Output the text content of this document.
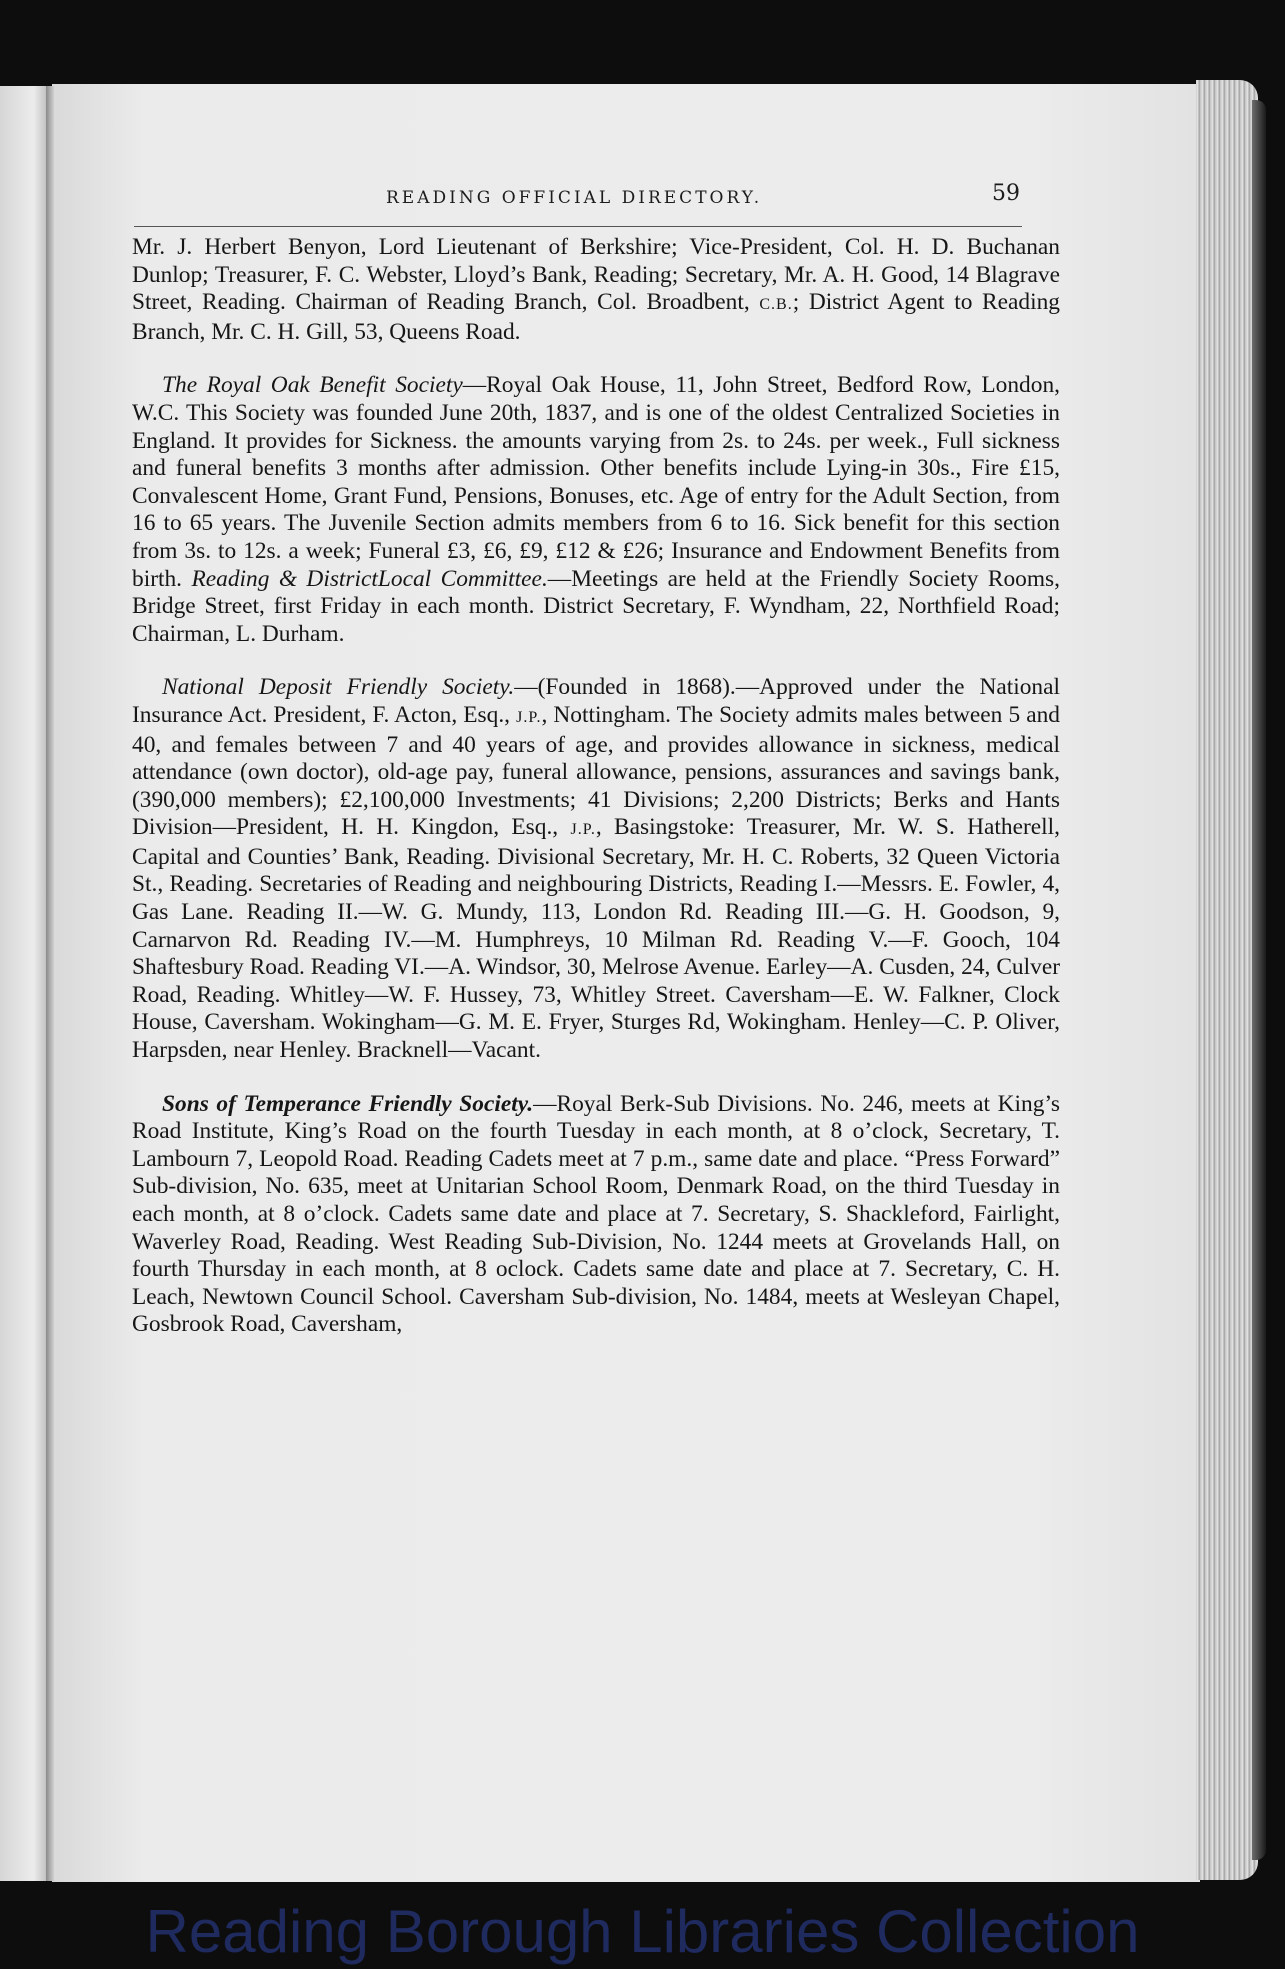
READING OFFICIAL DIRECTORY.	59

Mr. J. Herbert Benyon, Lord Lieutenant of Berkshire; Vice-President, Col. H. D. Buchanan Dunlop; Treasurer, F. C. Webster, Lloyd’s Bank, Reading; Secretary, Mr. A. H. Good, 14 Blagrave Street, Reading. Chairman of Reading Branch, Col. Broadbent, C.B.; District Agent to Reading Branch, Mr. C. H. Gill, 53, Queens Road.

The Royal Oak Benefit Society—Royal Oak House, 11, John Street, Bedford Row, London, W.C. This Society was founded June 20th, 1837, and is one of the oldest Centralized Societies in England. It provides for Sickness. the amounts varying from 2s. to 24s. per week., Full sickness and funeral benefits 3 months after admission. Other benefits include Lying-in 30s., Fire £15, Convalescent Home, Grant Fund, Pensions, Bonuses, etc. Age of entry for the Adult Section, from 16 to 65 years. The Juvenile Section admits members from 6 to 16. Sick benefit for this section from 3s. to 12s. a week; Funeral £3, £6, £9, £12 & £26; Insurance and Endowment Benefits from birth. Reading & DistrictLocal Committee.—Meetings are held at the Friendly Society Rooms, Bridge Street, first Friday in each month. District Secretary, F. Wyndham, 22, Northfield Road; Chairman, L. Durham.

National Deposit Friendly Society.—(Founded in 1868).—Approved under the National Insurance Act. President, F. Acton, Esq., J.P., Nottingham. The Society admits males between 5 and 40, and females between 7 and 40 years of age, and provides allowance in sickness, medical attendance (own doctor), old-age pay, funeral allowance, pensions, assurances and savings bank, (390,000 members); £2,100,000 Investments; 41 Divisions; 2,200 Districts; Berks and Hants Division—President, H. H. Kingdon, Esq., J.P., Basingstoke: Treasurer, Mr. W. S. Hatherell, Capital and Counties’ Bank, Reading. Divisional Secretary, Mr. H. C. Roberts, 32 Queen Victoria St., Reading. Secretaries of Reading and neighbouring Districts, Reading I.—Messrs. E. Fowler, 4, Gas Lane. Reading II.—W. G. Mundy, 113, London Rd. Reading III.—G. H. Goodson, 9, Carnarvon Rd. Reading IV.—M. Humphreys, 10 Milman Rd. Reading V.—F. Gooch, 104 Shaftesbury Road. Reading VI.—A. Windsor, 30, Melrose Avenue. Earley—A. Cusden, 24, Culver Road, Reading. Whitley—W. F. Hussey, 73, Whitley Street. Caversham—E. W. Falkner, Clock House, Caversham. Wokingham—G. M. E. Fryer, Sturges Rd, Wokingham. Henley—C. P. Oliver, Harpsden, near Henley. Bracknell—Vacant.

Sons of Temperance Friendly Society.—Royal Berk-Sub Divisions. No. 246, meets at King’s Road Institute, King’s Road on the fourth Tuesday in each month, at 8 o’clock, Secretary, T. Lambourn 7, Leopold Road. Reading Cadets meet at 7 p.m., same date and place. “Press Forward” Sub-division, No. 635, meet at Unitarian School Room, Denmark Road, on the third Tuesday in each month, at 8 o’clock. Cadets same date and place at 7. Secretary, S. Shackleford, Fairlight, Waverley Road, Reading. West Reading Sub-Division, No. 1244 meets at Grovelands Hall, on fourth Thursday in each month, at 8 oclock. Cadets same date and place at 7. Secretary, C. H. Leach, Newtown Council School. Caversham Sub-division, No. 1484, meets at Wesleyan Chapel, Gosbrook Road, Caversham,

Reading Borough Libraries Collection
